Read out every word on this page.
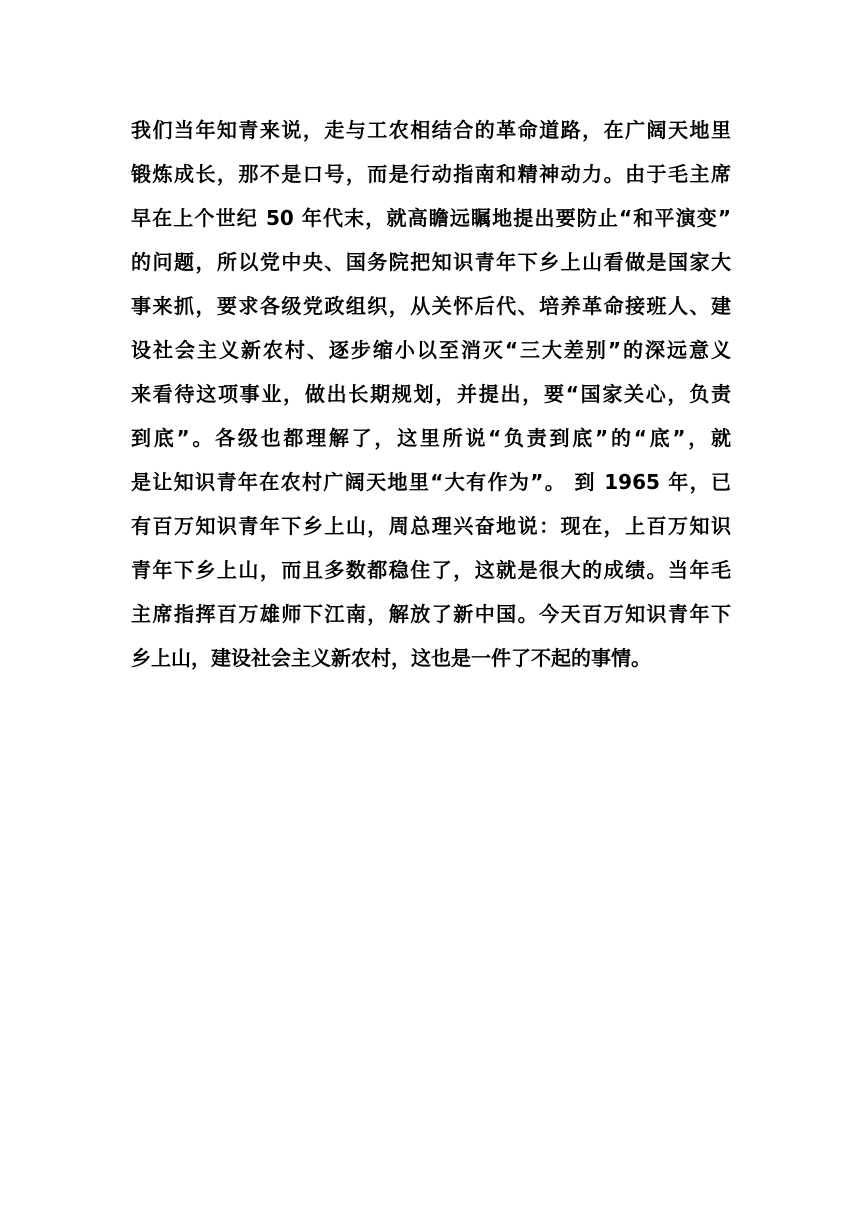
我们当年知青来说，走与工农相结合的革命道路，在广阔天地里
锻炼成长，那不是口号，而是行动指南和精神动力。由于毛主席
早在上个世纪 50 年代末，就高瞻远瞩地提出要防止“和平演变”
的问题，所以党中央、国务院把知识青年下乡上山看做是国家大
事来抓，要求各级党政组织，从关怀后代、培养革命接班人、建
设社会主义新农村、逐步缩小以至消灭“三大差别”的深远意义
来看待这项事业，做出长期规划，并提出，要“国家关心，负责
到底”。各级也都理解了，这里所说“负责到底”的“底”，就
是让知识青年在农村广阔天地里“大有作为”。 到 1965 年，已
有百万知识青年下乡上山，周总理兴奋地说：现在，上百万知识
青年下乡上山，而且多数都稳住了，这就是很大的成绩。当年毛
主席指挥百万雄师下江南，解放了新中国。今天百万知识青年下
乡上山，建设社会主义新农村，这也是一件了不起的事情。
